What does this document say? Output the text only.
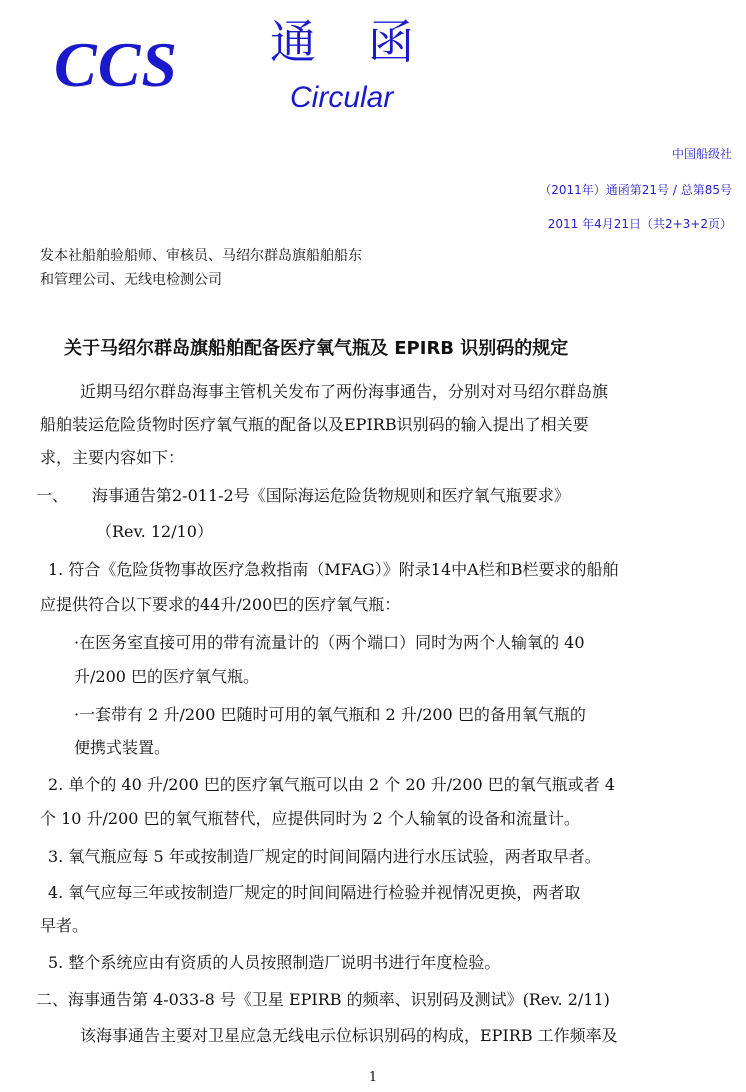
CCS 通函
Circular
中国船级社
（2011年）通函第21号 / 总第85号
2011 年4月21日（共2+3+2页）
发本社船舶验船师、审核员、马绍尔群岛旗船舶船东
和管理公司、无线电检测公司
关于马绍尔群岛旗船舶配备医疗氧气瓶及 EPIRB 识别码的规定
近期马绍尔群岛海事主管机关发布了两份海事通告，分别对对马绍尔群岛旗
船舶装运危险货物时医疗氧气瓶的配备以及EPIRB识别码的输入提出了相关要
求，主要内容如下：
一、 海事通告第2-011-2号《国际海运危险货物规则和医疗氧气瓶要求》
（Rev. 12/10）
1. 符合《危险货物事故医疗急救指南（MFAG）》附录14中A栏和B栏要求的船舶
应提供符合以下要求的44升/200巴的医疗氧气瓶：
·在医务室直接可用的带有流量计的（两个端口）同时为两个人输氧的 40
升/200 巴的医疗氧气瓶。
·一套带有 2 升/200 巴随时可用的氧气瓶和 2 升/200 巴的备用氧气瓶的
便携式装置。
2. 单个的 40 升/200 巴的医疗氧气瓶可以由 2 个 20 升/200 巴的氧气瓶或者 4
个 10 升/200 巴的氧气瓶替代，应提供同时为 2 个人输氧的设备和流量计。
3. 氧气瓶应每 5 年或按制造厂规定的时间间隔内进行水压试验，两者取早者。
4. 氧气应每三年或按制造厂规定的时间间隔进行检验并视情况更换，两者取
早者。
5. 整个系统应由有资质的人员按照制造厂说明书进行年度检验。
二、海事通告第 4-033-8 号《卫星 EPIRB 的频率、识别码及测试》(Rev. 2/11)
该海事通告主要对卫星应急无线电示位标识别码的构成，EPIRB 工作频率及
1
